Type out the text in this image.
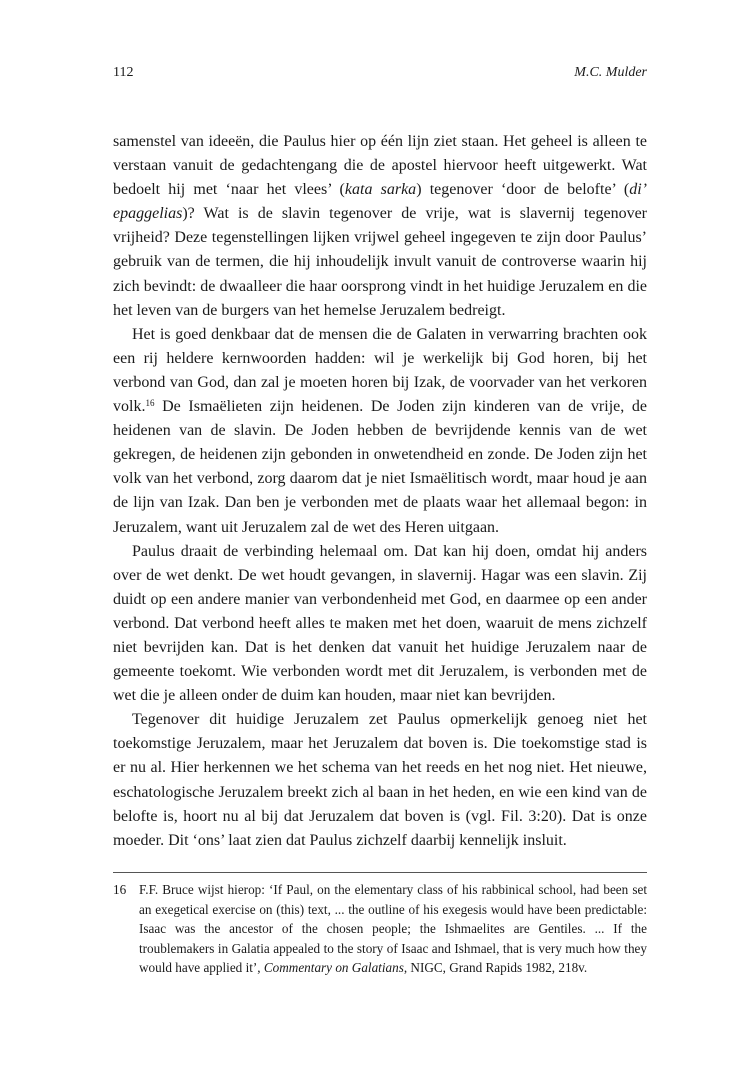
112	M.C. Mulder

samenstel van ideeën, die Paulus hier op één lijn ziet staan. Het geheel is alleen te verstaan vanuit de gedachtengang die de apostel hiervoor heeft uitgewerkt. Wat bedoelt hij met ‘naar het vlees’ (kata sarka) tegenover ‘door de belofte’ (di’ epaggelias)? Wat is de slavin tegenover de vrije, wat is slavernij tegenover vrijheid? Deze tegenstellingen lijken vrijwel geheel ingegeven te zijn door Paulus’ gebruik van de termen, die hij inhoudelijk invult vanuit de controverse waarin hij zich bevindt: de dwaalleer die haar oorsprong vindt in het huidige Jeruzalem en die het leven van de burgers van het hemelse Jeruzalem bedreigt.

Het is goed denkbaar dat de mensen die de Galaten in verwarring brachten ook een rij heldere kernwoorden hadden: wil je werkelijk bij God horen, bij het verbond van God, dan zal je moeten horen bij Izak, de voorvader van het verkoren volk.$^{16}$ De Ismaëlieten zijn heidenen. De Joden zijn kinderen van de vrije, de heidenen van de slavin. De Joden hebben de bevrijdende kennis van de wet gekregen, de heidenen zijn gebonden in onwetendheid en zonde. De Joden zijn het volk van het verbond, zorg daarom dat je niet Ismaëlitisch wordt, maar houd je aan de lijn van Izak. Dan ben je verbonden met de plaats waar het allemaal begon: in Jeruzalem, want uit Jeruzalem zal de wet des Heren uitgaan.

Paulus draait de verbinding helemaal om. Dat kan hij doen, omdat hij anders over de wet denkt. De wet houdt gevangen, in slavernij. Hagar was een slavin. Zij duidt op een andere manier van verbondenheid met God, en daarmee op een ander verbond. Dat verbond heeft alles te maken met het doen, waaruit de mens zichzelf niet bevrijden kan. Dat is het denken dat vanuit het huidige Jeruzalem naar de gemeente toekomt. Wie verbonden wordt met dit Jeruzalem, is verbonden met de wet die je alleen onder de duim kan houden, maar niet kan bevrijden.

Tegenover dit huidige Jeruzalem zet Paulus opmerkelijk genoeg niet het toekomstige Jeruzalem, maar het Jeruzalem dat boven is. Die toekomstige stad is er nu al. Hier herkennen we het schema van het reeds en het nog niet. Het nieuwe, eschatologische Jeruzalem breekt zich al baan in het heden, en wie een kind van de belofte is, hoort nu al bij dat Jeruzalem dat boven is (vgl. Fil. 3:20). Dat is onze moeder. Dit ‘ons’ laat zien dat Paulus zichzelf daarbij kennelijk insluit.

16 F.F. Bruce wijst hierop: ‘If Paul, on the elementary class of his rabbinical school, had been set an exegetical exercise on (this) text, ... the outline of his exegesis would have been predictable: Isaac was the ancestor of the chosen people; the Ishmaelites are Gentiles. ... If the troublemakers in Galatia appealed to the story of Isaac and Ishmael, that is very much how they would have applied it’, Commentary on Galatians, NIGC, Grand Rapids 1982, 218v.
